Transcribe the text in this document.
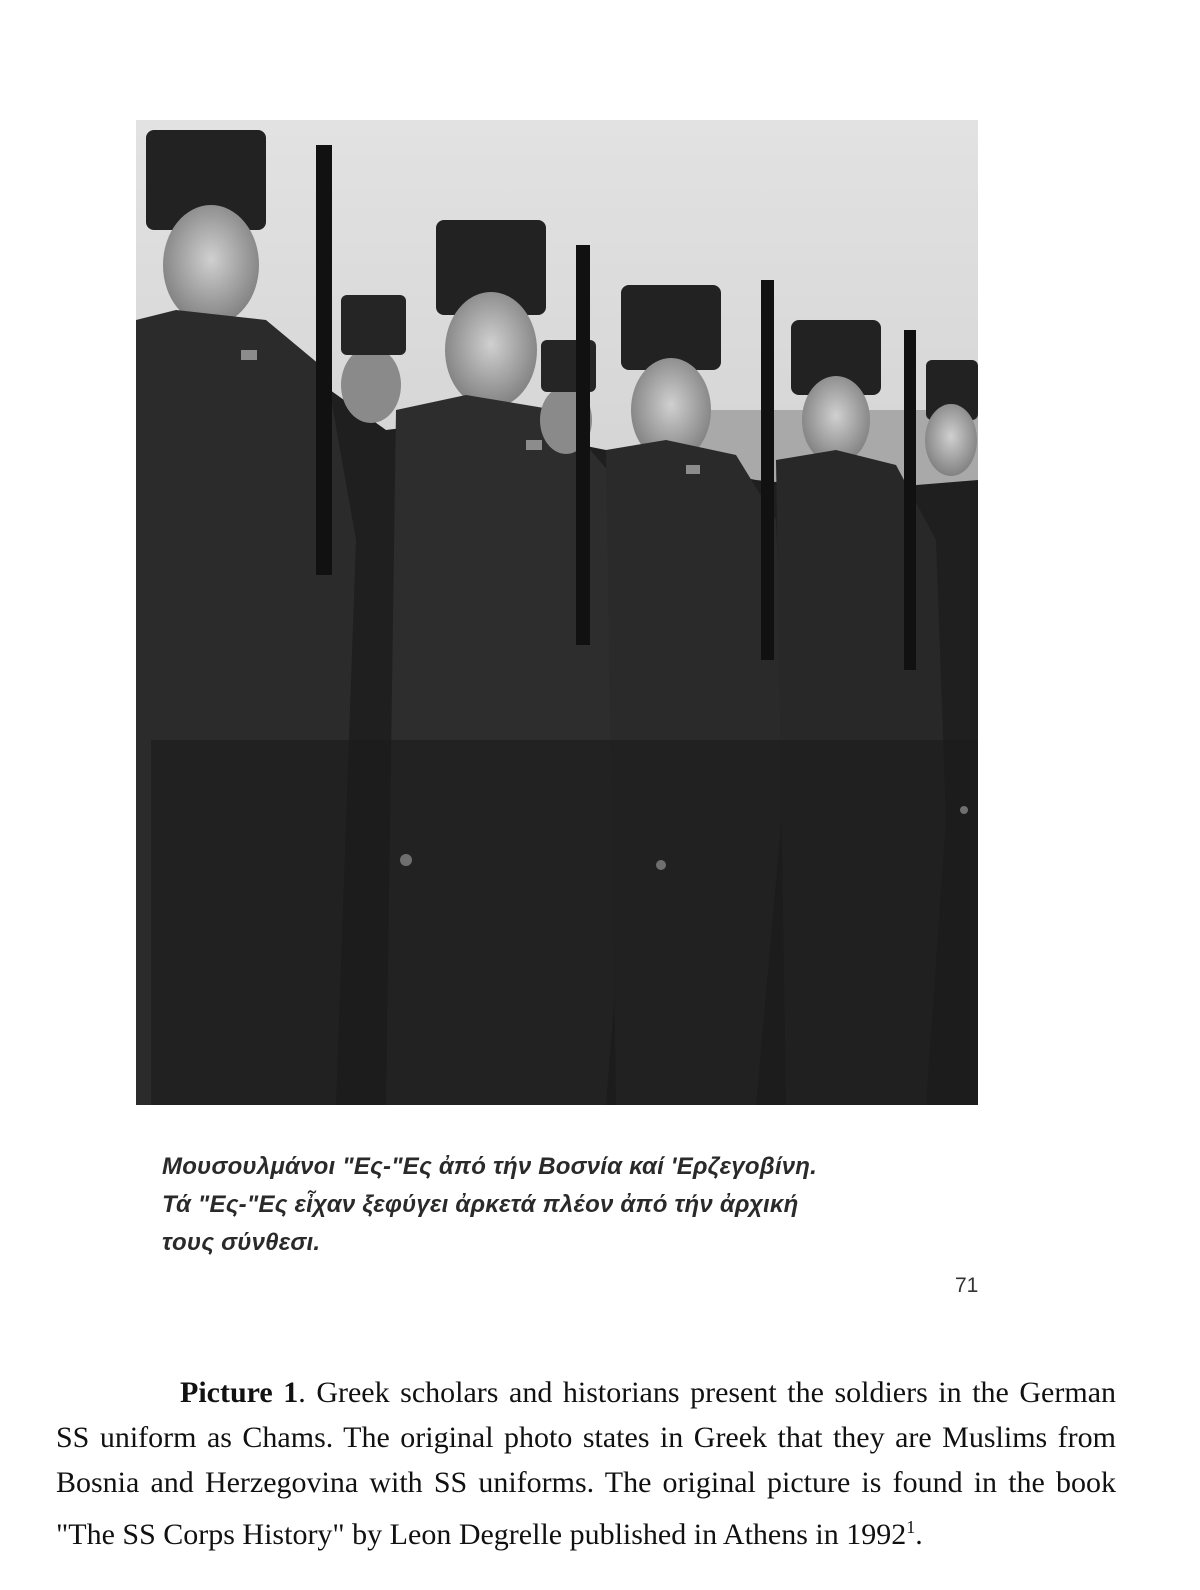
Μουσουλμάνοι "Ες-"Ες ἀπό τήν Βοσνία καί 'Ερζεγοβίνη.
Τά "Ες-"Ες εἶχαν ξεφύγει ἀρκετά πλέον ἀπό τήν ἀρχική
τους σύνθεσι.
71

Picture 1. Greek scholars and historians present the soldiers in the German SS uniform as Chams. The original photo states in Greek that they are Muslims from Bosnia and Herzegovina with SS uniforms. The original picture is found in the book "The SS Corps History" by Leon Degrelle published in Athens in 1992$^1$.
